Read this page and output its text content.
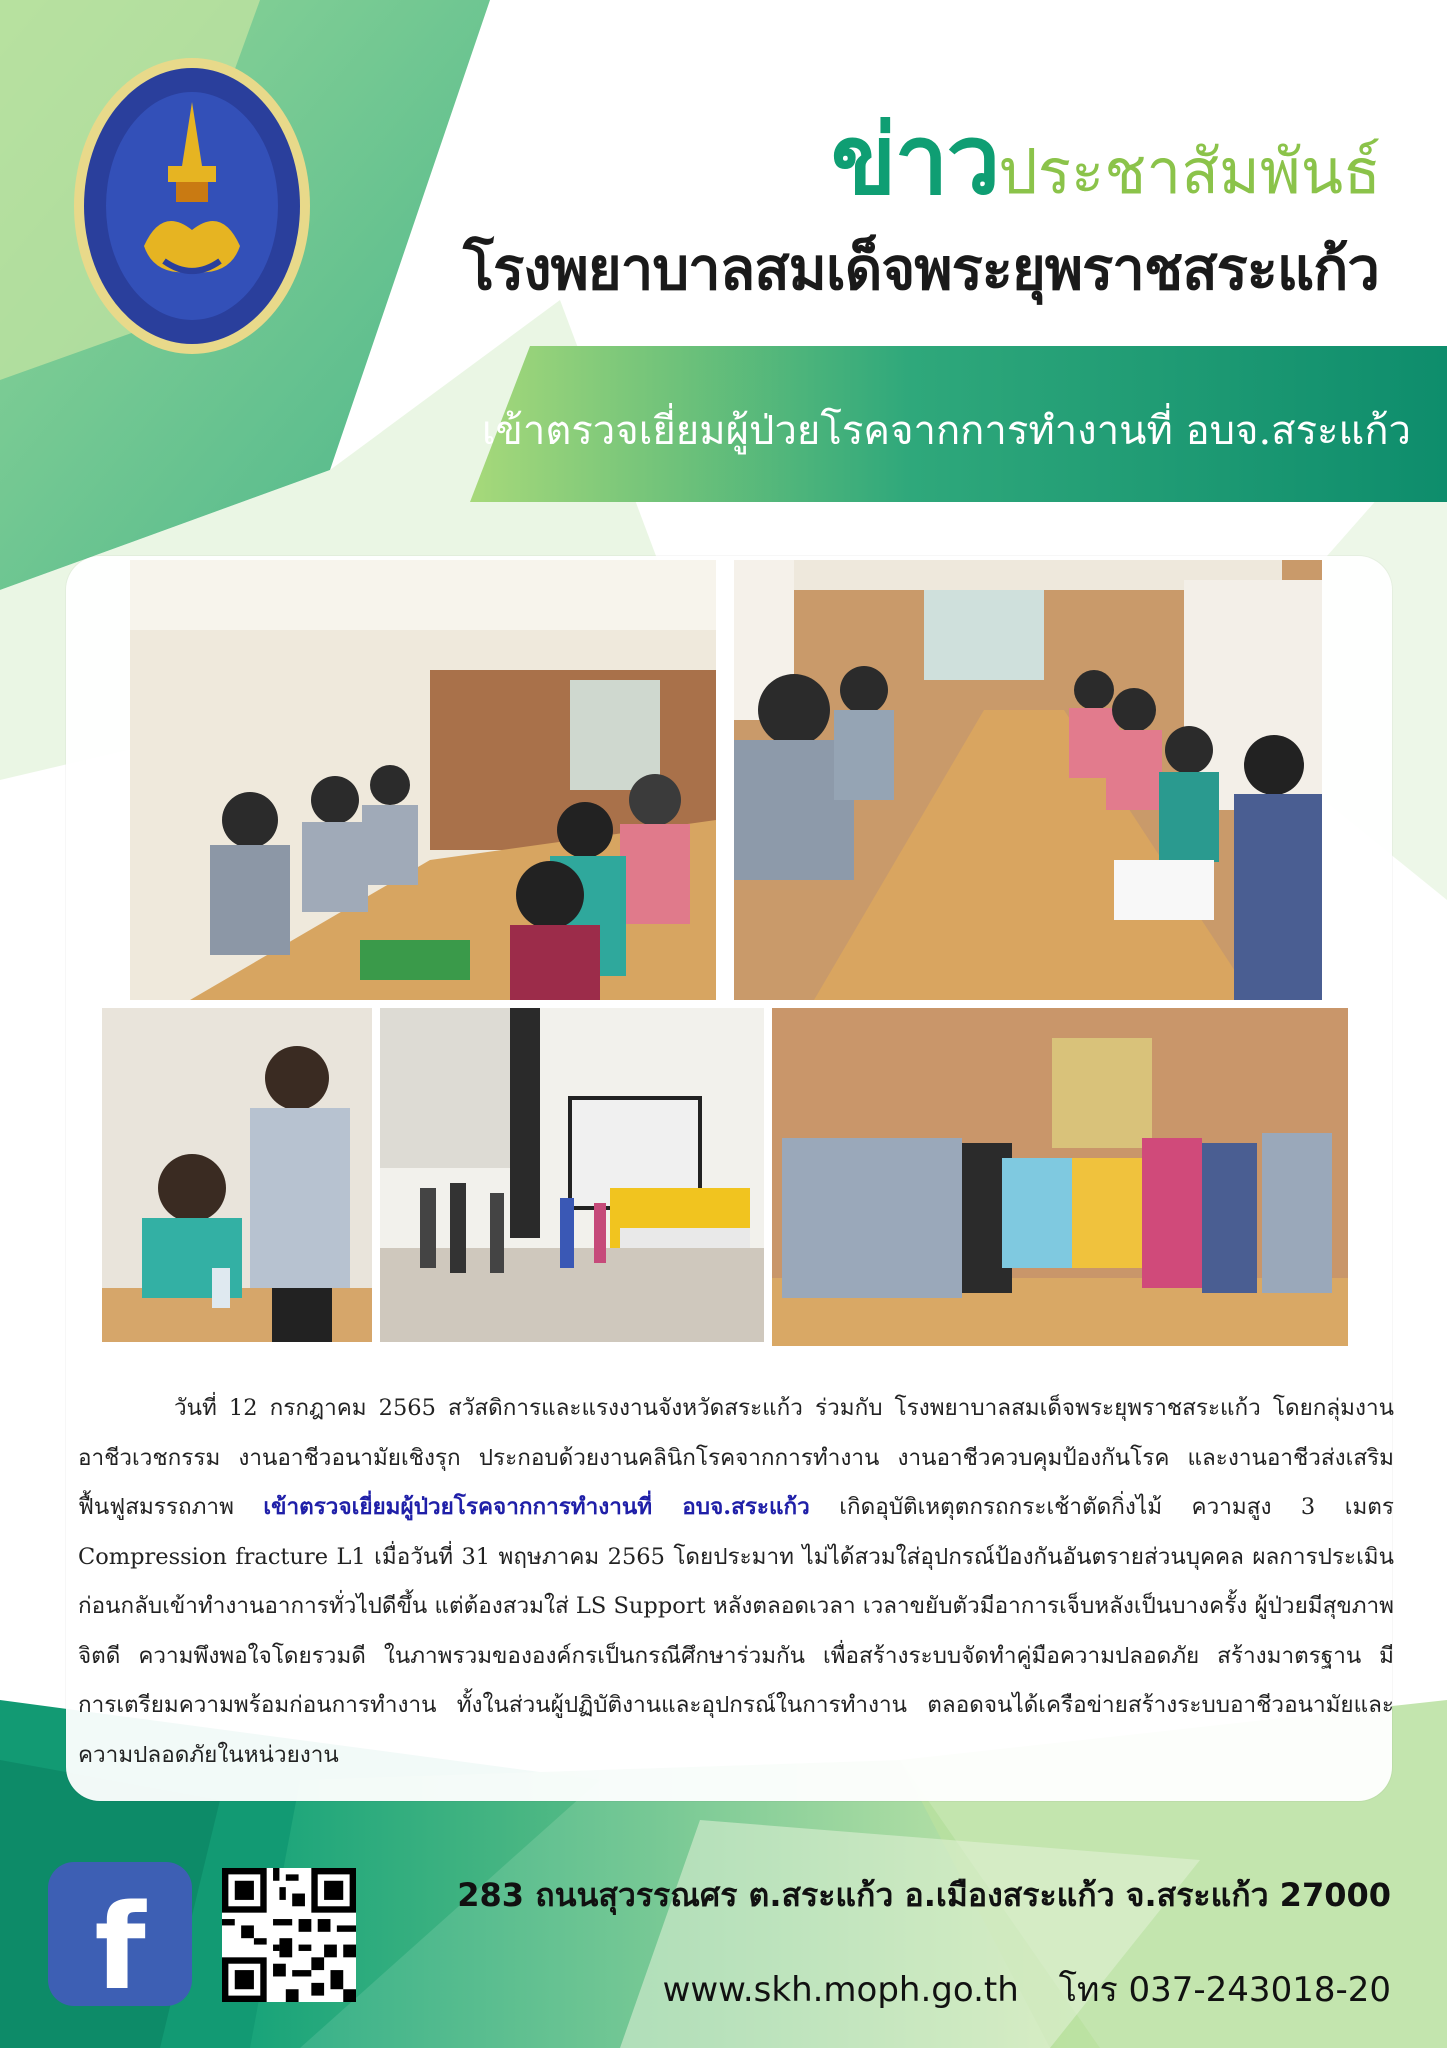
ข่าวประชาสัมพันธ์
โรงพยาบาลสมเด็จพระยุพราชสระแก้ว
เข้าตรวจเยี่ยมผู้ป่วยโรคจากการทำงานที่ อบจ.สระแก้ว

วันที่ 12 กรกฎาคม 2565 สวัสดิการและแรงงานจังหวัดสระแก้ว ร่วมกับ โรงพยาบาลสมเด็จพระยุพราชสระแก้ว โดยกลุ่มงานอาชีวเวชกรรม งานอาชีวอนามัยเชิงรุก ประกอบด้วยงานคลินิกโรคจากการทำงาน งานอาชีวควบคุมป้องกันโรค และงานอาชีวส่งเสริมฟื้นฟูสมรรถภาพ เข้าตรวจเยี่ยมผู้ป่วยโรคจากการทำงานที่ อบจ.สระแก้ว เกิดอุบัติเหตุตกรถกระเช้าตัดกิ่งไม้ ความสูง 3 เมตร Compression fracture L1 เมื่อวันที่ 31 พฤษภาคม 2565 โดยประมาท ไม่ได้สวมใส่อุปกรณ์ป้องกันอันตรายส่วนบุคคล ผลการประเมินก่อนกลับเข้าทำงานอาการทั่วไปดีขึ้น แต่ต้องสวมใส่ LS Support หลังตลอดเวลา เวลาขยับตัวมีอาการเจ็บหลังเป็นบางครั้ง ผู้ป่วยมีสุขภาพจิตดี ความพึงพอใจโดยรวมดี ในภาพรวมขององค์กรเป็นกรณีศึกษาร่วมกัน เพื่อสร้างระบบจัดทำคู่มือความปลอดภัย สร้างมาตรฐาน มีการเตรียมความพร้อมก่อนการทำงาน ทั้งในส่วนผู้ปฏิบัติงานและอุปกรณ์ในการทำงาน ตลอดจนได้เครือข่ายสร้างระบบอาชีวอนามัยและความปลอดภัยในหน่วยงาน

f	283 ถนนสุวรรณศร ต.สระแก้ว อ.เมืองสระแก้ว จ.สระแก้ว 27000
www.skh.moph.go.th โทร 037-243018-20
